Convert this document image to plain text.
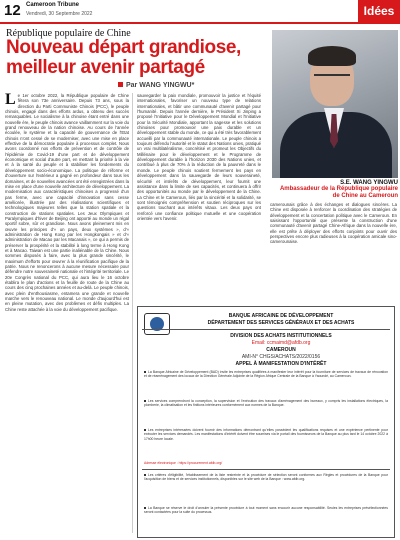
12 Cameroon Tribune
Vendredi, 30 Septembre 2022	Idées
République populaire de Chine
Nouveau départ grandiose, meilleur avenir partagé
Par WANG YINGWU*
Le 1er octobre 2022, la République populaire de Chine fêtera son 73e anniversaire. Depuis 73 ans, sous la direction du Parti Communiste Chinois (PCC), le peuple chinois, engagé dans des efforts ardus, a obtenu des succès remarquables. Le socialisme à la chinoise étant entré dans une nouvelle ère, le peuple chinois avance vaillamment sur la voie du grand renouveau de la nation chinoise. Au cours de l'année écoulée, le système et la capacité de gouvernance de l'Etat chinois n'ont cessé de se moderniser, avec une mise en place effective de la démocratie populaire à processus complet. Nous avons coordonné nos efforts de prévention et de contrôle de l'épidémie de Covid-19 d'une part et de développement économique et social d'autre part, en mettant la priorité à la vie et à la santé du peuple et à stabiliser les fondements du développement socio-économique. La politique de réforme et d'ouverture sur l'extérieur a gagné en profondeur dans tous les domaines, et de nouvelles avancées ont été enregistrées dans la mise en place d'une nouvelle architecture de développement. La modernisation aux caractéristiques chinoises a progressé d'un pas ferme, avec une capacité d'innovation sans cesse améliorée, illustrée par des réalisations scientifiques et technologiques majeures telles que la station spatiale et la construction de stations spatiales. Les Jeux Olympiques et Paralympiques d'hiver de Beijing ont apporté au monde un régal sportif sobre, sûr et grandiose. Nous avons pleinement mis en œuvre les principes d'« un pays, deux systèmes », d'« administration de Hong Kong par les Hongkongais » et d'« administration de Macao par les Macanais », ce qui a permis de préserver la prospérité et la stabilité à long terme à Hong Kong et à Macao. Taiwan est une partie inaliénable de la Chine. Nous sommes disposés à faire, avec la plus grande sincérité, le maximum d'efforts pour œuvrer à la réunification pacifique de la patrie. Nous ne renoncerons à aucune mesure nécessaire pour défendre notre souveraineté nationale et l'intégrité territoriale. Le 20e Congrès national du PCC, qui aura lieu le 16 octobre établira le plan d'actions et la feuille de route de la Chine au cours des cinq prochaines années et au-delà. Le peuple chinois, avec plein d'enthousiasme, entamera une grande et nouvelle marche vers le renouveau national. Le monde d'aujourd'hui est en pleine mutation, avec des problèmes et défis multiples. La Chine reste attachée à la voie du développement pacifique.
sauvegarder la paix mondiale, promouvoir la justice et l'équité internationales, favoriser un nouveau type de relations internationales, et bâtir une communauté d'avenir partagé pour l'humanité. Depuis l'année dernière, le Président Xi Jinping a proposé l'Initiative pour le Développement Mondial et l'Initiative pour la Sécurité Mondiale, apportant la sagesse et les solutions chinoises pour promouvoir une paix durable et un développement stable du monde, ce qui a été très favorablement accueilli par la communauté internationale. Le peuple chinois a toujours défendu l'autorité et le statut des Nations unies, pratiqué un vrai multilatéralisme, concrétisé et promeut les Objectifs du Millénaire pour le développement et le Programme de développement durable à l'horizon 2030 des Nations unies, et contribué à plus de 70% à la réduction de la pauvreté dans le monde. Le peuple chinois soutient fermement les pays en développement dans la sauvegarde de leurs souveraineté, sécurité et intérêts de développement, leur fournit une assistance dans la limite de ses capacités, et continuera à offrir des opportunités au monde par le développement de la Chine. La Chine et le Cameroun, liés par la sincérité et la solidarité, se sont témoignés compréhension et soutien réciproques sur les questions touchant aux intérêts vitaux. Les deux pays ont renforcé une confiance politique mutuelle et une coopération orientée vers l'avenir.
S.E. WANG YINGWU
Ambassadeur de la République populaire de Chine au Cameroun
camerounais grâce à des échanges et dialogues sincères. La Chine est disposée à renforcer la coordination des stratégies de développement et la concertation politique avec le Cameroun. En saisissant l'opportunité que présente la construction d'une communauté d'avenir partagé Chine-Afrique dans la nouvelle ère, elle est prête à déployer des efforts conjoints pour ouvrir des perspectives encore plus radieuses à la coopération amicale sino-camerounaise.
BANQUE AFRICAINE DE DÉVELOPPEMENT
DÉPARTEMENT DES SERVICES GÉNÉRAUX ET DES ACHATS
DIVISION DES ACHATS INSTITUTIONNELS
Email: ccmaimd@afdb.org
CAMEROUN
AMI-N° CHGS/ACHATS/2022/0156
APPEL À MANIFESTATION D'INTÉRÊT
La Banque Africaine de Développement (BAD) invite les entreprises qualifiées à manifester leur intérêt pour la fourniture de services de travaux de rénovation et de réaménagement des locaux de la Direction Générale Adjointe de la Région Afrique Centrale de la Banque à Yaoundé, au Cameroun.
Les services comprendront la conception, la supervision et l'exécution des travaux d'aménagement des bureaux, y compris les installations électriques, la plomberie, la climatisation et les finitions intérieures conformément aux normes de la Banque.
Les entreprises intéressées doivent fournir des informations démontrant qu'elles possèdent les qualifications requises et une expérience pertinente pour exécuter les services demandés. Les manifestations d'intérêt doivent être soumises via le portail des fournisseurs de la Banque au plus tard le 14 octobre 2022 à 17h00 heure locale.
Adresse électronique : https://procurement.afdb.org/
Les critères d'éligibilité, l'établissement de la liste restreinte et la procédure de sélection seront conformes aux Règles et procédures de la Banque pour l'acquisition de biens et de services institutionnels, disponibles sur le site web de la Banque : www.afdb.org.
La Banque se réserve le droit d'annuler la présente procédure à tout moment sans encourir aucune responsabilité. Seules les entreprises présélectionnées seront contactées pour la suite du processus.
